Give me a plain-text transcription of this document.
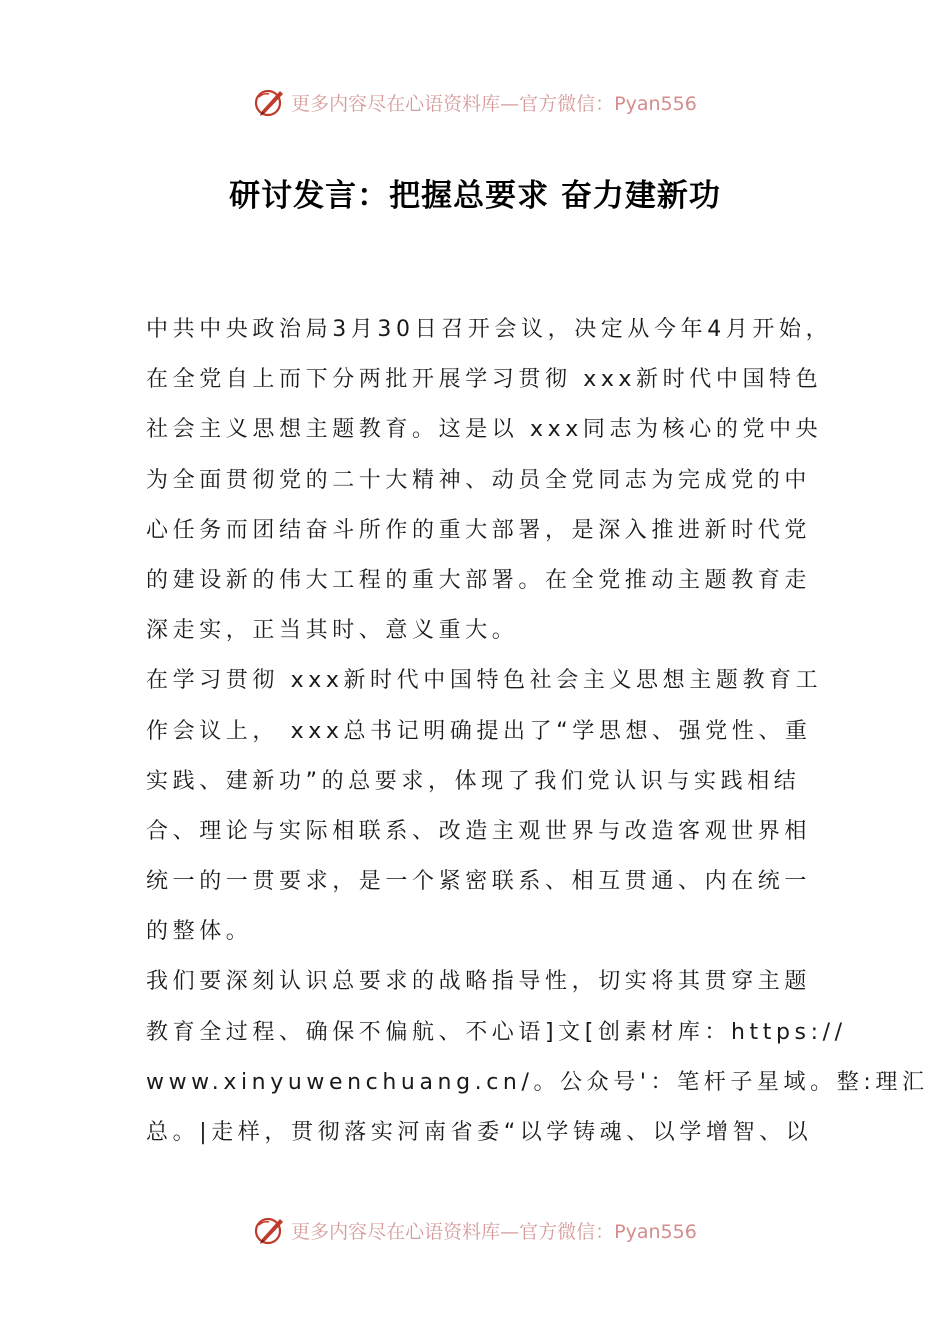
更多内容尽在心语资料库—官方微信：Pyan556
研讨发言：把握总要求 奋力建新功
中共中央政治局3月30日召开会议，决定从今年4月开始，
在全党自上而下分两批开展学习贯彻 xxx新时代中国特色
社会主义思想主题教育。这是以 xxx同志为核心的党中央
为全面贯彻党的二十大精神、动员全党同志为完成党的中
心任务而团结奋斗所作的重大部署，是深入推进新时代党
的建设新的伟大工程的重大部署。在全党推动主题教育走
深走实，正当其时、意义重大。
在学习贯彻 xxx新时代中国特色社会主义思想主题教育工
作会议上， xxx总书记明确提出了“学思想、强党性、重
实践、建新功”的总要求，体现了我们党认识与实践相结
合、理论与实际相联系、改造主观世界与改造客观世界相
统一的一贯要求，是一个紧密联系、相互贯通、内在统一
的整体。
我们要深刻认识总要求的战略指导性，切实将其贯穿主题
教育全过程、确保不偏航、不心语]文[创素材库：https://
www.xinyuwenchuang.cn/。公众号'：笔杆子星域。整:理汇
总。|走样，贯彻落实河南省委“以学铸魂、以学增智、以
更多内容尽在心语资料库—官方微信：Pyan556
